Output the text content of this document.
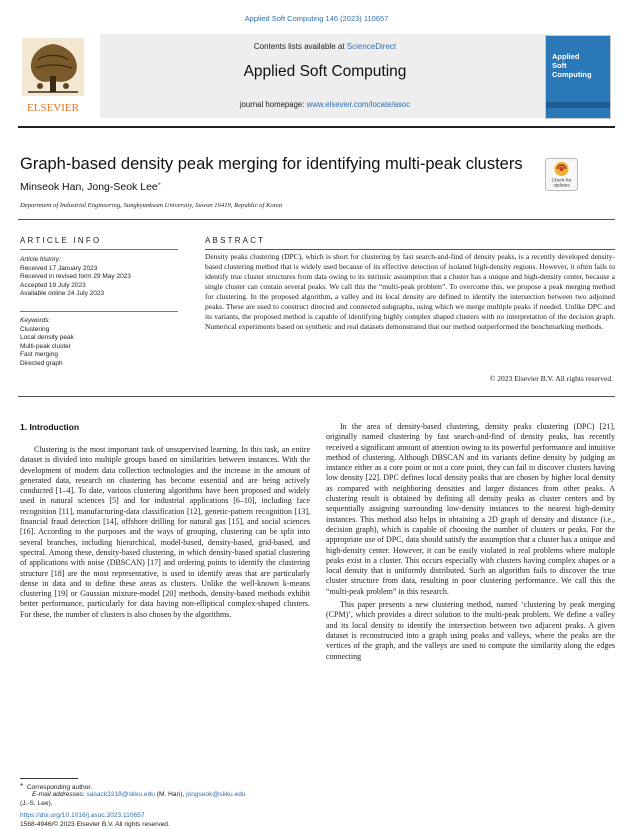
Applied Soft Computing 146 (2023) 110657
ELSEVIER
Contents lists available at ScienceDirect
Applied Soft Computing
journal homepage: www.elsevier.com/locate/asoc
Applied
Soft
Computing
Graph-based density peak merging for identifying multi-peak clusters
Check for
updates
Minseok Han, Jong-Seok Lee*
Department of Industrial Engineering, Sungkyunkwan University, Suwon 16419, Republic of Korea
ARTICLE INFO	ABSTRACT
Article history:
Received 17 January 2023
Received in revised form 29 May 2023
Accepted 19 July 2023
Available online 24 July 2023
Keywords:
Clustering
Local density peak
Multi-peak cluster
Fast merging
Directed graph
Density peaks clustering (DPC), which is short for clustering by fast search-and-find of density peaks, is a recently developed density-based clustering method that is widely used because of its effective detection of isolated high-density regions. However, it often fails to identify true cluster structures from data owing to its intrinsic assumption that a cluster has a unique and high-density center, because a single cluster can contain several peaks. We call this the “multi-peak problem”. To overcome this, we propose a peak merging method for clustering. In the proposed algorithm, a valley and its local density are defined to identify the intersection between two adjoined peaks. These are used to construct directed and connected subgraphs, using which we merge multiple peaks if needed. Unlike DPC and its variants, the proposed method is capable of identifying highly complex shaped clusters with no interpretation of the decision graph. Numerical experiments based on synthetic and real datasets demonstrated that our method outperformed the benchmarking methods.
© 2023 Elsevier B.V. All rights reserved.
1. Introduction

Clustering is the most important task of unsupervised learning. In this task, an entire dataset is divided into multiple groups based on similarities between instances. With the development of modern data collection technologies and the increase in the amount of generated data, research on clustering has become essential and are being actively conducted [1–4]. To date, various clustering algorithms have been proposed and widely used in natural sciences [5] and for industrial applications [6–10], including face recognition [11], manufacturing-data classification [12], genetic-pattern recognition [13], financial fraud detection [14], offshore drilling for natural gas [15], and social sciences [16]. According to the purposes and the ways of grouping, clustering can be split into several branches, including hierarchical, model-based, density-based, grid-based, and spectral. Among these, density-based clustering, in which density-based spatial clustering of applications with noise (DBSCAN) [17] and ordering points to identify the clustering structure [18] are the most representative, is used to identify areas that are particularly dense in data and to define these areas as clusters. Unlike the well-known k-means clustering [19] or Gaussian mixture-model [20] methods, density-based methods exhibit better performance, particularly for data having non-elliptical complex-shaped clusters. For these, the number of clusters is also chosen by the algorithms.

In the area of density-based clustering, density peaks clustering (DPC) [21], originally named clustering by fast search-and-find of density peaks, has recently received a significant amount of attention owing to its powerful performance and intuitive method of clustering. Although DBSCAN and its variants define density by judging an instance either as a core point or not a core point, they can fail to discover clusters having low density [22]. DPC defines local density peaks that are chosen by higher local density as compared with neighboring densities and larger distances from other peaks. A clustering result is obtained by defining all density peaks as cluster centers and by sequentially assigning surrounding low-density instances to the nearest high-density instances. This method also helps in obtaining a 2D graph of density and distance (i.e., decision graph), which is capable of choosing the number of clusters or peaks. For the appropriate use of DPC, data should satisfy the assumption that a cluster has a unique and high-density center. However, it can be easily violated in real problems where multiple peaks exist in a cluster. This occurs especially with clusters having complex shapes or a local density that is uniformly distributed. Such an algorithm fails to discover the true cluster structure from data, resulting in poor clustering performance. We call this the “multi-peak problem” in this research.

This paper presents a new clustering method, named ‘clustering by peak merging (CPM)’, which provides a direct solution to the multi-peak problem. We define a valley and its local density to identify the intersection between two adjacent peaks. A given dataset is reconstructed into a graph using peaks and valleys, where the peaks are the vertices of the graph, and the valleys are used to compute the similarity along the edges connecting

* Corresponding author.
E-mail addresses: sasack3218@skku.edu (M. Han), jongseok@skku.edu
(J.-S. Lee).
https://doi.org/10.1016/j.asoc.2023.110657
1568-4946/© 2023 Elsevier B.V. All rights reserved.
